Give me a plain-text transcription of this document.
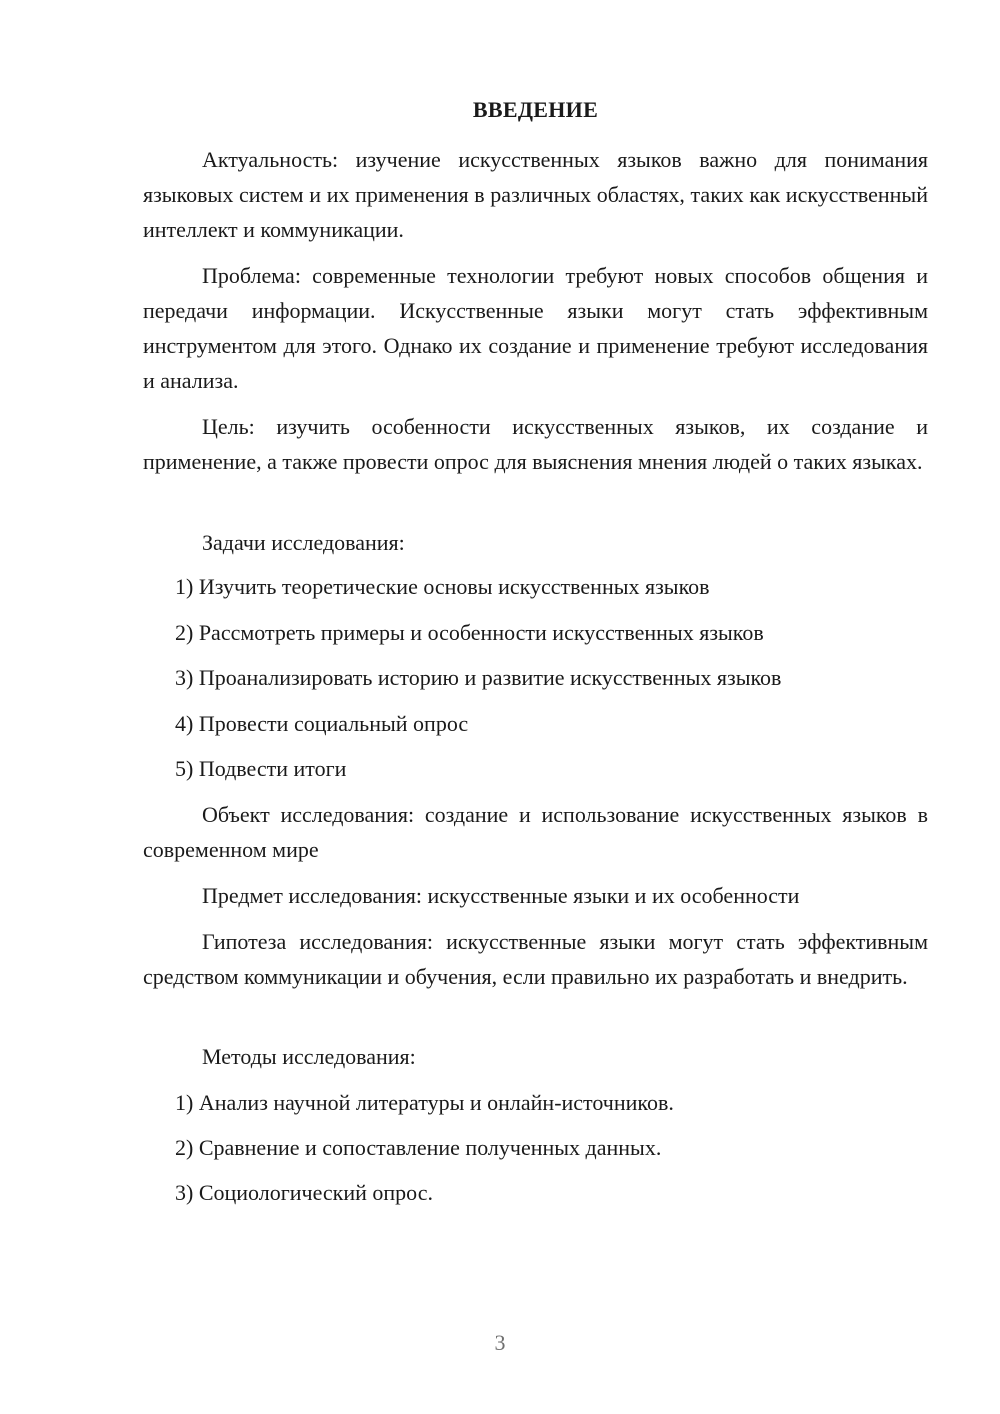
ВВЕДЕНИЕ
Актуальность: изучение искусственных языков важно для понимания языковых систем и их применения в различных областях, таких как искусственный интеллект и коммуникации.
Проблема: современные технологии требуют новых способов общения и передачи информации. Искусственные языки могут стать эффективным инструментом для этого. Однако их создание и применение требуют исследования и анализа.
Цель: изучить особенности искусственных языков, их создание и применение, а также провести опрос для выяснения мнения людей о таких языках.
Задачи исследования:
1) Изучить теоретические основы искусственных языков
2) Рассмотреть примеры и особенности искусственных языков
3) Проанализировать историю и развитие искусственных языков
4) Провести социальный опрос
5) Подвести итоги
Объект исследования: создание и использование искусственных языков в современном мире
Предмет исследования: искусственные языки и их особенности
Гипотеза исследования: искусственные языки могут стать эффективным средством коммуникации и обучения, если правильно их разработать и внедрить.
Методы исследования:
1) Анализ научной литературы и онлайн-источников.
2) Сравнение и сопоставление полученных данных.
3) Социологический опрос.
3
